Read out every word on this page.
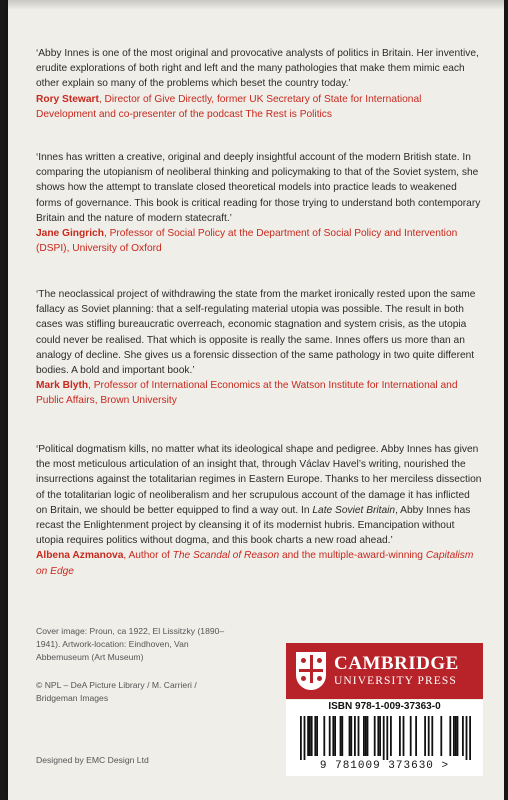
‘Abby Innes is one of the most original and provocative analysts of politics in Britain. Her inventive, erudite explorations of both right and left and the many pathologies that make them mimic each other explain so many of the problems which beset the country today.’

Rory Stewart, Director of Give Directly, former UK Secretary of State for International Development and co-presenter of the podcast The Rest is Politics

‘Innes has written a creative, original and deeply insightful account of the modern British state. In comparing the utopianism of neoliberal thinking and policymaking to that of the Soviet system, she shows how the attempt to translate closed theoretical models into practice leads to weakened forms of governance. This book is critical reading for those trying to understand both contemporary Britain and the nature of modern statecraft.’

Jane Gingrich, Professor of Social Policy at the Department of Social Policy and Intervention (DSPI), University of Oxford

‘The neoclassical project of withdrawing the state from the market ironically rested upon the same fallacy as Soviet planning: that a self-regulating material utopia was possible. The result in both cases was stifling bureaucratic overreach, economic stagnation and system crisis, as the utopia could never be realised. That which is opposite is really the same. Innes offers us more than an analogy of decline. She gives us a forensic dissection of the same pathology in two quite different bodies. A bold and important book.’

Mark Blyth, Professor of International Economics at the Watson Institute for International and Public Affairs, Brown University

‘Political dogmatism kills, no matter what its ideological shape and pedigree. Abby Innes has given the most meticulous articulation of an insight that, through Václav Havel’s writing, nourished the insurrections against the totalitarian regimes in Eastern Europe. Thanks to her merciless dissection of the totalitarian logic of neoliberalism and her scrupulous account of the damage it has inflicted on Britain, we should be better equipped to find a way out. In Late Soviet Britain, Abby Innes has recast the Enlightenment project by cleansing it of its modernist hubris. Emancipation without utopia requires politics without dogma, and this book charts a new road ahead.’

Albena Azmanova, Author of The Scandal of Reason and the multiple-award-winning Capitalism on Edge

Cover image: Proun, ca 1922, El Lissitzky (1890–1941). Artwork-location: Eindhoven, Van Abbemuseum (Art Museum)

© NPL – DeA Picture Library / M. Carrieri / Bridgeman Images

Designed by EMC Design Ltd

CAMBRIDGE
UNIVERSITY PRESS
ISBN 978-1-009-37363-0
9 781009 373630 >
